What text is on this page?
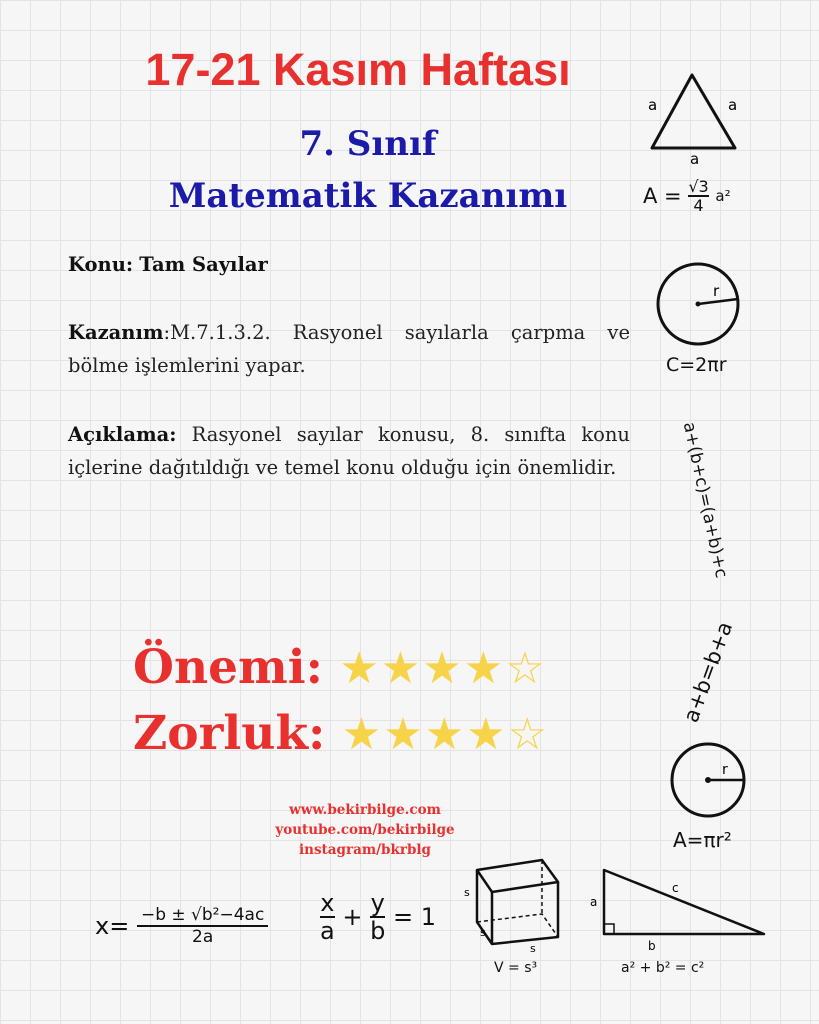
17-21 Kasım Haftası
7. Sınıf
Matematik Kazanımı
Konu: Tam Sayılar
Kazanım:M.7.1.3.2. Rasyonel sayılarla çarpma ve bölme işlemlerini yapar.
Açıklama: Rasyonel sayılar konusu, 8. sınıfta konu içlerine dağıtıldığı ve temel konu olduğu için önemlidir.
Önemi: ★★★★☆
Zorluk: ★★★★☆
www.bekirbilge.com
youtube.com/bekirbilge
instagram/bkrblg
a	a
a
$A = \frac{√3}{4} a^2$
r
C=2πr
a+(b+c)=(a+b)+c
a+b=b+a
r
A=πr²
$x= \frac{\text{−b ± √b²−4ac}}{2a} \frac{x}{a} + \frac{y}{b} = 1$
s
s
s
V = s³
a
c
b
a² + b² = c²
